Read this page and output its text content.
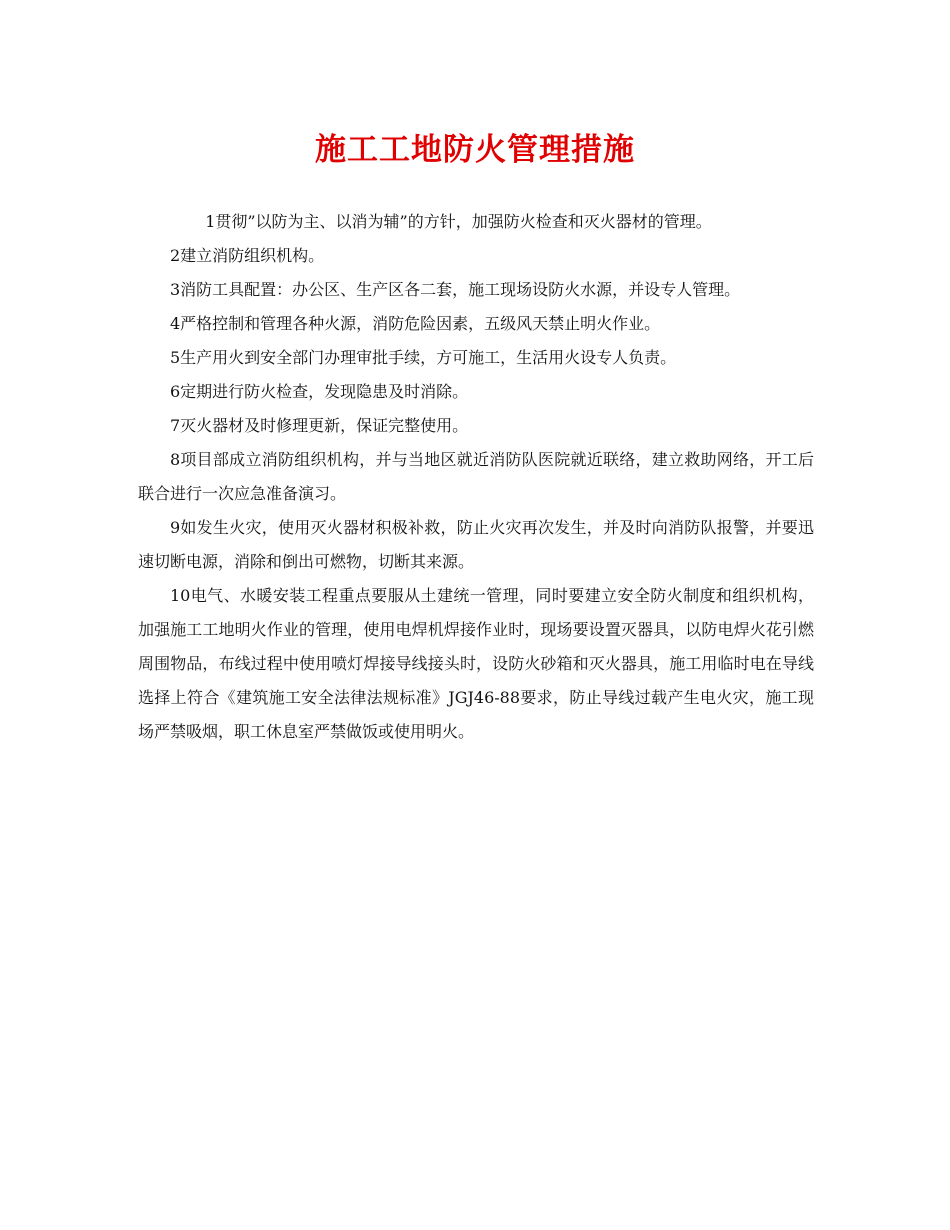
施工工地防火管理措施

1贯彻”以防为主、以消为辅”的方针，加强防火检查和灭火器材的管理。

2建立消防组织机构。

3消防工具配置：办公区、生产区各二套，施工现场设防火水源，并设专人管理。

4严格控制和管理各种火源，消防危险因素，五级风天禁止明火作业。

5生产用火到安全部门办理审批手续，方可施工，生活用火设专人负责。

6定期进行防火检查，发现隐患及时消除。

7灭火器材及时修理更新，保证完整使用。

8项目部成立消防组织机构，并与当地区就近消防队医院就近联络，建立救助网络，开工后联合进行一次应急准备演习。

9如发生火灾，使用灭火器材积极补救，防止火灾再次发生，并及时向消防队报警，并要迅速切断电源，消除和倒出可燃物，切断其来源。

10电气、水暖安装工程重点要服从土建统一管理，同时要建立安全防火制度和组织机构，加强施工工地明火作业的管理，使用电焊机焊接作业时，现场要设置灭器具，以防电焊火花引燃周围物品，布线过程中使用喷灯焊接导线接头时，设防火砂箱和灭火器具，施工用临时电在导线选择上符合《建筑施工安全法律法规标准》JGJ46-88要求，防止导线过载产生电火灾，施工现场严禁吸烟，职工休息室严禁做饭或使用明火。
